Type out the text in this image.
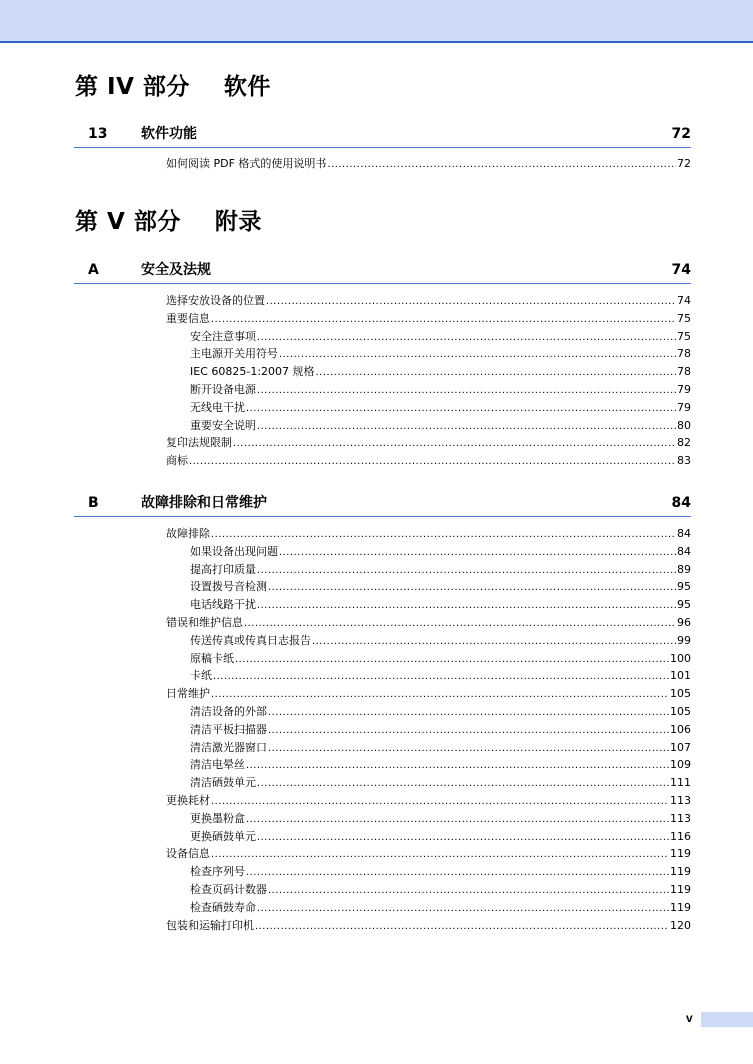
第 IV 部分    软件
13 软件功能	72
如何阅读 PDF 格式的使用说明书 .....	72
第 V 部分    附录
A	安全及法规	74
选择安放设备的位置 .....	74
重要信息 .....	75
安全注意事项 .....	75
主电源开关用符号 .....	78
IEC 60825-1:2007 规格 .....	78
断开设备电源 .....	79
无线电干扰 .....	79
重要安全说明 .....	80
复印法规限制 .....	82
商标 .....	83
B	故障排除和日常维护	84
故障排除 .....	84
如果设备出现问题 .....	84
提高打印质量 .....	89
设置拨号音检测 .....	95
电话线路干扰 .....	95
错误和维护信息 .....	96
传送传真或传真日志报告 .....	99
原稿卡纸 .....	100
卡纸 .....	101
日常维护 .....	105
清洁设备的外部 .....	105
清洁平板扫描器 .....	106
清洁激光器窗口 .....	107
清洁电晕丝 .....	109
清洁硒鼓单元 .....	111
更换耗材 .....	113
更换墨粉盒 .....	113
更换硒鼓单元 .....	116
设备信息 .....	119
检查序列号 .....	119
检查页码计数器 .....	119
检查硒鼓寿命 .....	119
包装和运输打印机 .....	120
v
